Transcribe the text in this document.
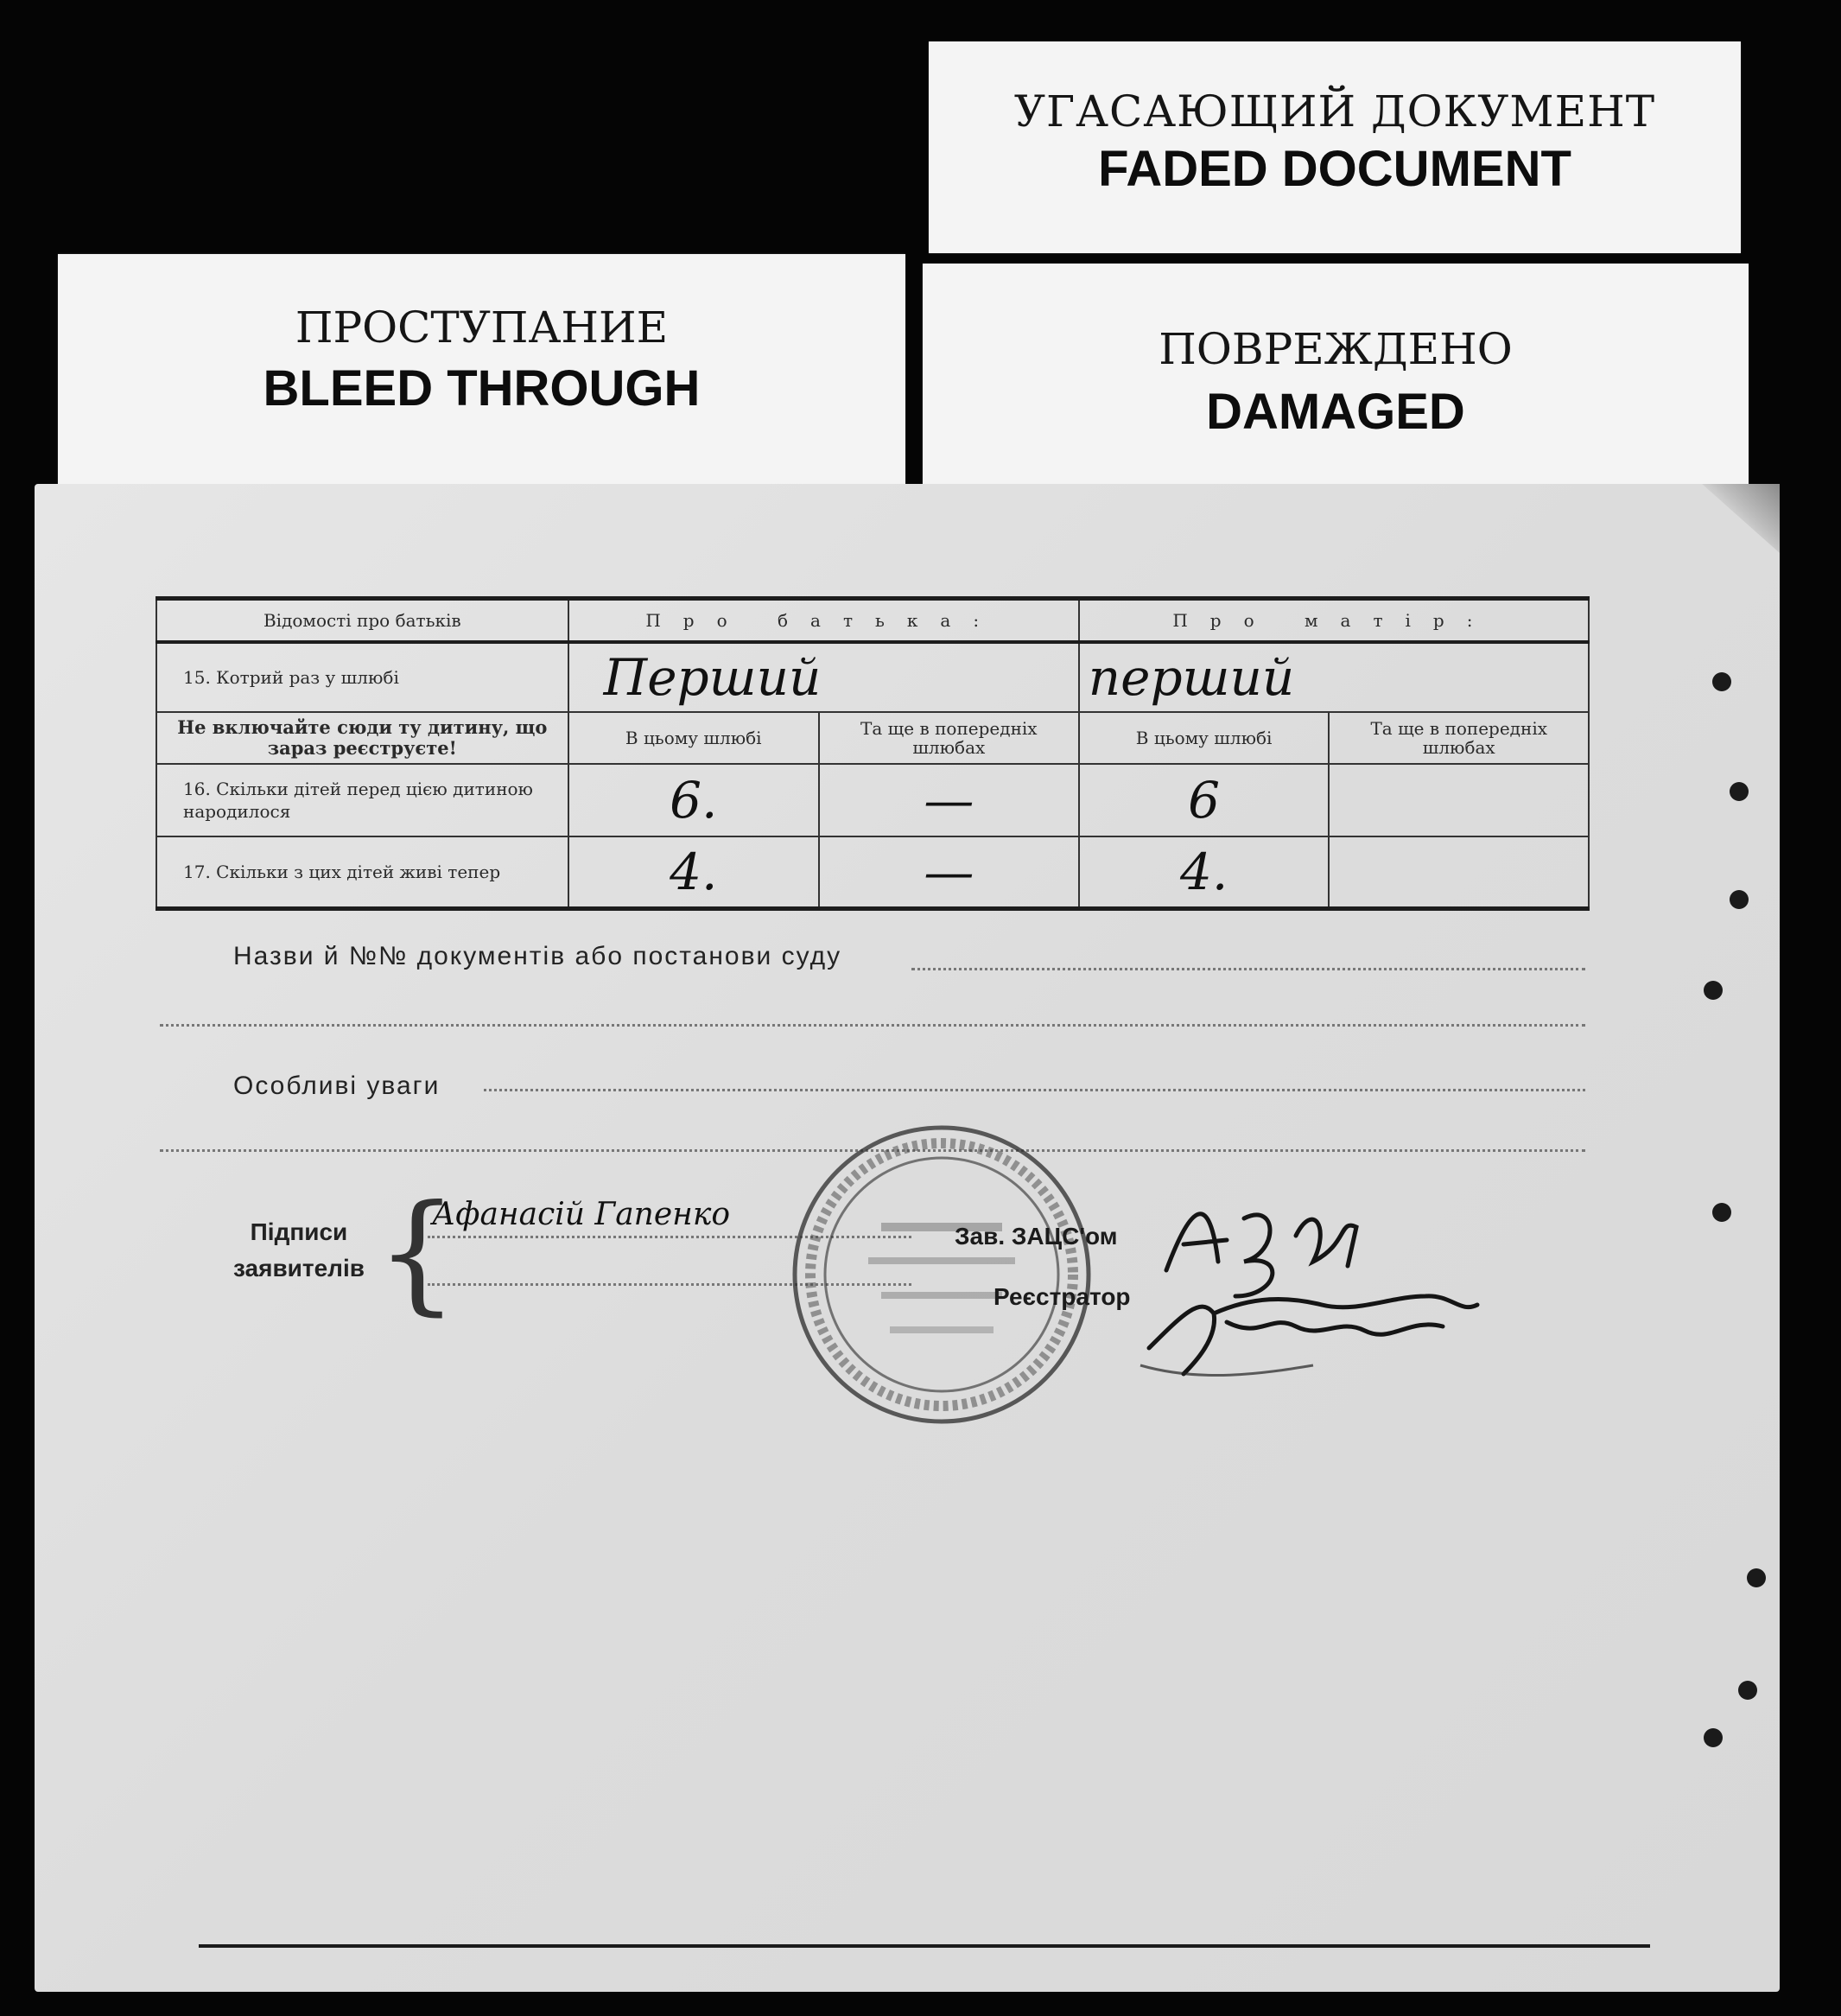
УГАСАЮЩИЙ ДОКУМЕНТ
FADED DOCUMENT
ПРОСТУПАНИЕ
BLEED THROUGH
ПОВРЕЖДЕНО
DAMAGED
Відомості про батьків	Про батька:		Про матір:	
15. Котрий раз у шлюбі	Перший		перший	
Не включайте сюди ту дитину, що зараз реєструєте!	В цьому шлюбі	Та ще в попередніх шлюбах	В цьому шлюбі	Та ще в попередніх шлюбах
16. Скільки дітей перед цією дитиною народилося	6.	—	6	
17. Скільки з цих дітей живі тепер	4.	—	4.	
Назви й №№ документів або постанови суду
Особливі уваги
Підписи
заявителів {
Афанасій Гапенко
Зав. ЗАЦС'ом
Реєстратор
